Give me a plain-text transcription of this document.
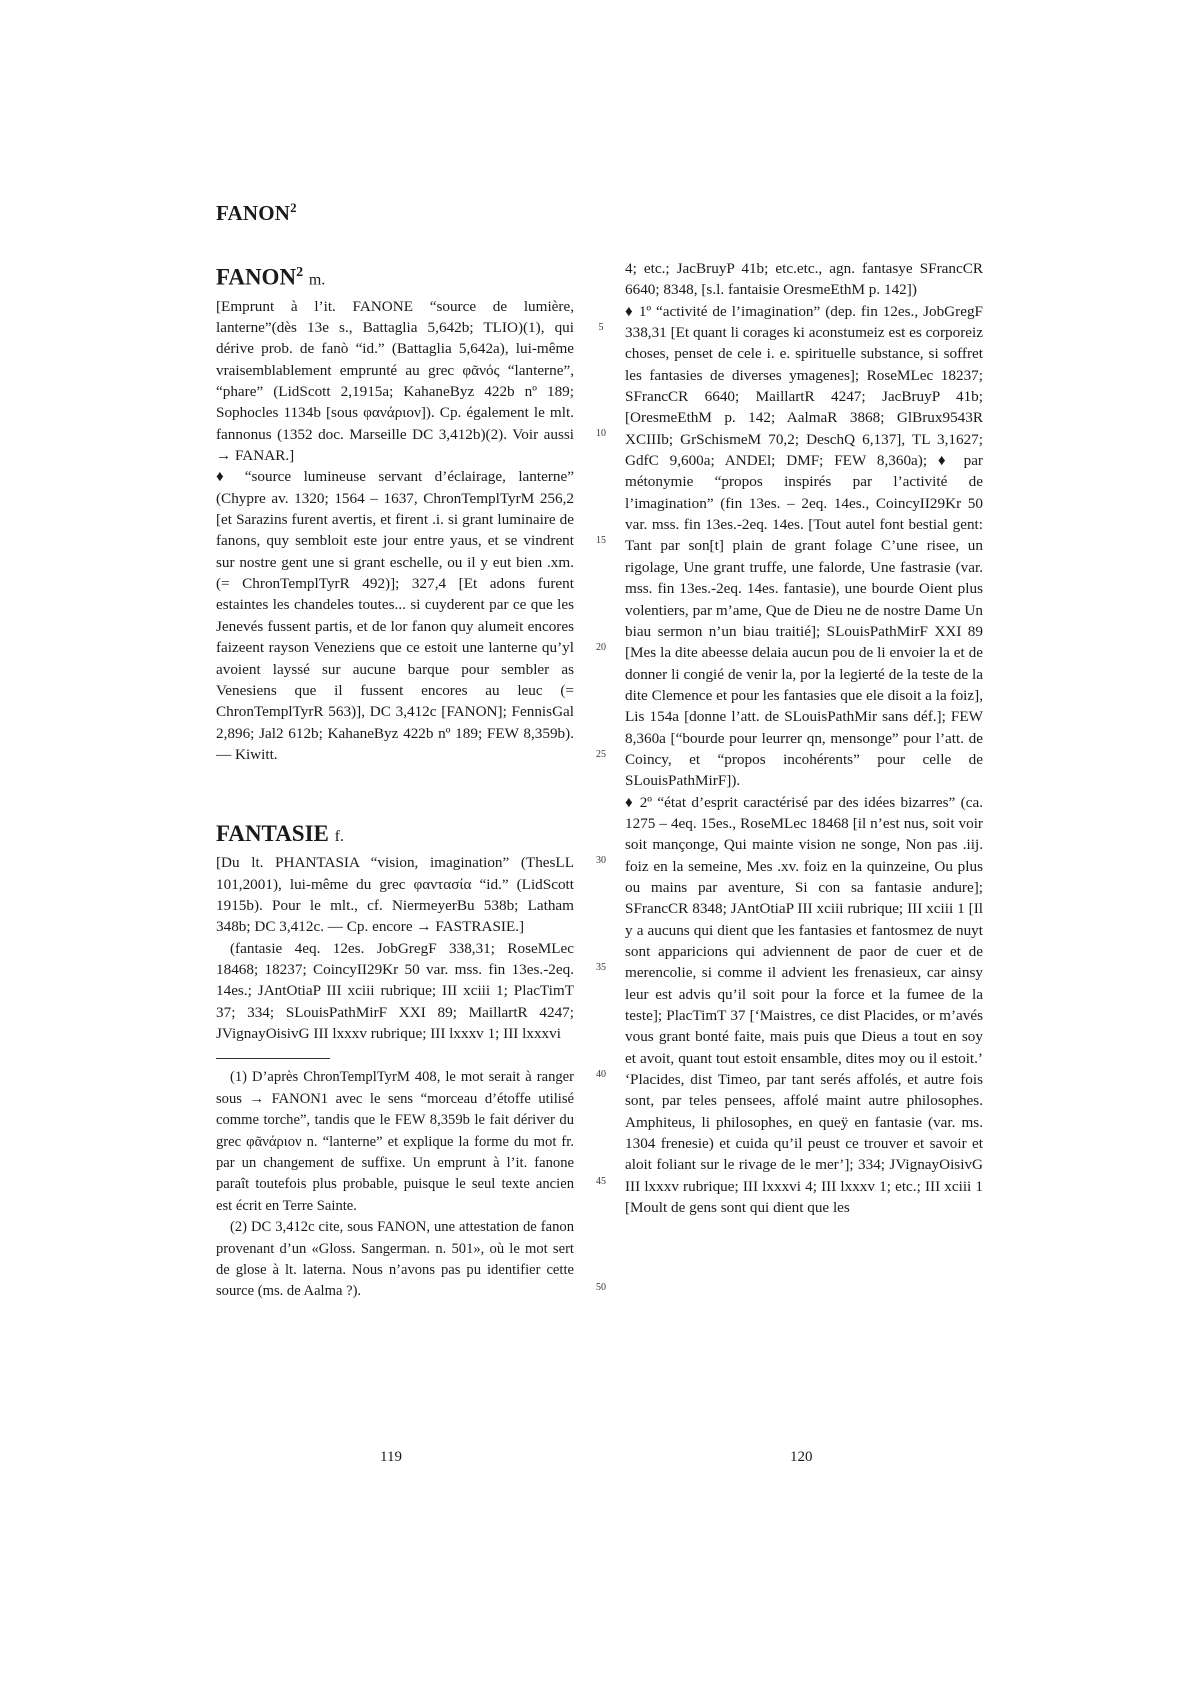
FANON$^2$

FANON$^2$ m.

[Emprunt à l’it. FANONE “source de lumière, lanterne”(dès 13e s., Battaglia 5,642b; TLIO)(1), qui dérive prob. de fanò “id.” (Battaglia 5,642a), lui-même vraisemblablement emprunté au grec φᾶνός “lanterne”, “phare” (LidScott 2,1915a; KahaneByz 422b nº 189; Sophocles 1134b [sous φανάριον]). Cp. également le mlt. fannonus (1352 doc. Marseille DC 3,412b)(2). Voir aussi → FANAR.]

♦ “source lumineuse servant d’éclairage, lanterne” (Chypre av. 1320; 1564 – 1637, ChronTemplTyrM 256,2 [et Sarazins furent avertis, et firent .i. si grant luminaire de fanons, quy sembloit este jour entre yaus, et se vindrent sur nostre gent une si grant eschelle, ou il y eut bien .xm. (= ChronTemplTyrR 492)]; 327,4 [Et adons furent estaintes les chandeles toutes... si cuyderent par ce que les Jenevés fussent partis, et de lor fanon quy alumeit encores faizeent rayson Veneziens que ce estoit une lanterne qu’yl avoient layssé sur aucune barque pour sembler as Venesiens que il fussent encores au leuc (= ChronTemplTyrR 563)], DC 3,412c [FANON]; FennisGal 2,896; Jal2 612b; KahaneByz 422b nº 189; FEW 8,359b). — Kiwitt.

FANTASIE f.

[Du lt. PHANTASIA “vision, imagination” (ThesLL 101,2001), lui-même du grec φαντασία “id.” (LidScott 1915b). Pour le mlt., cf. NiermeyerBu 538b; Latham 348b; DC 3,412c. — Cp. encore → FASTRASIE.]

(fantasie 4eq. 12es. JobGregF 338,31; RoseMLec 18468; 18237; CoincyII29Kr 50 var. mss. fin 13es.-2eq. 14es.; JAntOtiaP III xciii rubrique; III xciii 1; PlacTimT 37; 334; SLouisPathMirF XXI 89; MaillartR 4247; JVignayOisivG III lxxxv rubrique; III lxxxv 1; III lxxxvi

(1) D’après ChronTemplTyrM 408, le mot serait à ranger sous → FANON1 avec le sens “morceau d’étoffe utilisé comme torche”, tandis que le FEW 8,359b le fait dériver du grec φᾶνάριον n. “lanterne” et explique la forme du mot fr. par un changement de suffixe. Un emprunt à l’it. fanone paraît toutefois plus probable, puisque le seul texte ancien est écrit en Terre Sainte.

(2) DC 3,412c cite, sous FANON, une attestation de fanon provenant d’un «Gloss. Sangerman. n. 501», où le mot sert de glose à lt. laterna. Nous n’avons pas pu identifier cette source (ms. de Aalma ?).

5
10
15
20
25
30
35
40
45
50

4; etc.; JacBruyP 41b; etc.etc., agn. fantasye SFrancCR 6640; 8348, [s.l. fantaisie OresmeEthM p. 142])

♦ 1º “activité de l’imagination” (dep. fin 12es., JobGregF 338,31 [Et quant li corages ki aconstumeiz est es corporeiz choses, penset de cele i. e. spirituelle substance, si soffret les fantasies de diverses ymagenes]; RoseMLec 18237; SFrancCR 6640; MaillartR 4247; JacBruyP 41b; [OresmeEthM p. 142; AalmaR 3868; GlBrux9543R XCIIIb; GrSchismeM 70,2; DeschQ 6,137], TL 3,1627; GdfC 9,600a; ANDEl; DMF; FEW 8,360a); ♦ par métonymie “propos inspirés par l’activité de l’imagination” (fin 13es. – 2eq. 14es., CoincyII29Kr 50 var. mss. fin 13es.-2eq. 14es. [Tout autel font bestial gent: Tant par son[t] plain de grant folage C’une risee, un rigolage, Une grant truffe, une falorde, Une fastrasie (var. mss. fin 13es.-2eq. 14es. fantasie), une bourde Oient plus volentiers, par m’ame, Que de Dieu ne de nostre Dame Un biau sermon n’un biau traitié]; SLouisPathMirF XXI 89 [Mes la dite abeesse delaia aucun pou de li envoier la et de donner li congié de venir la, por la legierté de la teste de la dite Clemence et pour les fantasies que ele disoit a la foiz], Lis 154a [donne l’att. de SLouisPathMir sans déf.]; FEW 8,360a [“bourde pour leurrer qn, mensonge” pour l’att. de Coincy, et “propos incohérents” pour celle de SLouisPathMirF]).

♦ 2º “état d’esprit caractérisé par des idées bizarres” (ca. 1275 – 4eq. 15es., RoseMLec 18468 [il n’est nus, soit voir soit mançonge, Qui mainte vision ne songe, Non pas .iij. foiz en la semeine, Mes .xv. foiz en la quinzeine, Ou plus ou mains par aventure, Si con sa fantasie andure]; SFrancCR 8348; JAntOtiaP III xciii rubrique; III xciii 1 [Il y a aucuns qui dient que les fantasies et fantosmez de nuyt sont apparicions qui adviennent de paor de cuer et de merencolie, si comme il advient les frenasieux, car ainsy leur est advis qu’il soit pour la force et la fumee de la teste]; PlacTimT 37 [‘Maistres, ce dist Placides, or m’avés vous grant bonté faite, mais puis que Dieus a tout en soy et avoit, quant tout estoit ensamble, dites moy ou il estoit.’ ‘Placides, dist Timeo, par tant serés affolés, et autre fois sont, par teles pensees, affolé maint autre philosophes. Amphiteus, li philosophes, en queÿ en fantasie (var. ms. 1304 frenesie) et cuida qu’il peust ce trouver et savoir et aloit foliant sur le rivage de le mer’]; 334; JVignayOisivG III lxxxv rubrique; III lxxxvi 4; III lxxxv 1; etc.; III xciii 1 [Moult de gens sont qui dient que les

119	120
